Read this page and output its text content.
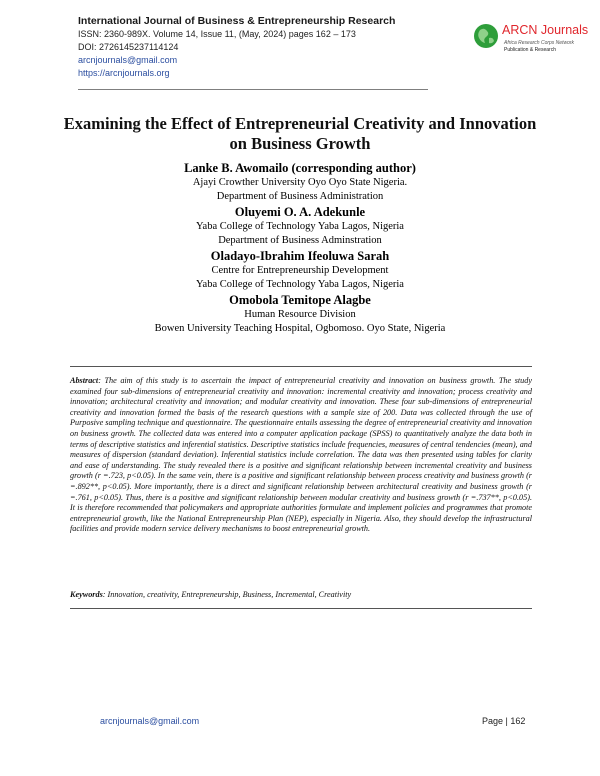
International Journal of Business & Entrepreneurship Research
ISSN: 2360-989X. Volume 14, Issue 11, (May, 2024) pages 162 – 173
DOI: 2726145237114124
arcnjournals@gmail.com
https://arcnjournals.org
ARCN Journals
Africa Research Corps Network
Publication & Research
Examining the Effect of Entrepreneurial Creativity and Innovation on Business Growth
Lanke B. Awomailo (corresponding author)
Ajayi Crowther University Oyo Oyo State Nigeria.
Department of Business Administration
Oluyemi O. A. Adekunle
Yaba College of Technology Yaba Lagos, Nigeria
Department of Business Adminstration
Oladayo-Ibrahim Ifeoluwa Sarah
Centre for Entrepreneurship Development
Yaba College of Technology Yaba Lagos, Nigeria
Omobola Temitope Alagbe
Human Resource Division
Bowen University Teaching Hospital, Ogbomoso. Oyo State, Nigeria
Abstract: The aim of this study is to ascertain the impact of entrepreneurial creativity and innovation on business growth. The study examined four sub-dimensions of entrepreneurial creativity and innovation: incremental creativity and innovation; process creativity and innovation; architectural creativity and innovation; and modular creativity and innovation. These four sub-dimensions of entrepreneurial creativity and innovation formed the basis of the research questions with a sample size of 200. Data was collected through the use of Purposive sampling technique and questionnaire. The questionnaire entails assessing the degree of entrepreneurial creativity and innovation on business growth. The collected data was entered into a computer application package (SPSS) to quantitatively analyze the data both in terms of descriptive statistics and inferential statistics. Descriptive statistics include frequencies, measures of central tendencies (mean), and measures of dispersion (standard deviation). Inferential statistics include correlation. The data was then presented using tables for clarity and ease of understanding. The study revealed there is a positive and significant relationship between incremental creativity and business growth (r =.723, p<0.05). In the same vein, there is a positive and significant relationship between process creativity and business growth (r =.892**, p<0.05). More importantly, there is a direct and significant relationship between architectural creativity and business growth (r =.761, p<0.05). Thus, there is a positive and significant relationship between modular creativity and business growth (r =.737**, p<0.05). It is therefore recommended that policymakers and appropriate authorities formulate and implement policies and programmes that promote entrepreneurial growth, like the National Entrepreneurship Plan (NEP), especially in Nigeria. Also, they should develop the infrastructural facilities and provide modern service delivery mechanisms to boost entrepreneurial growth.
Keywords: Innovation, creativity, Entrepreneurship, Business, Incremental, Creativity
arcnjournals@gmail.com	Page | 162
